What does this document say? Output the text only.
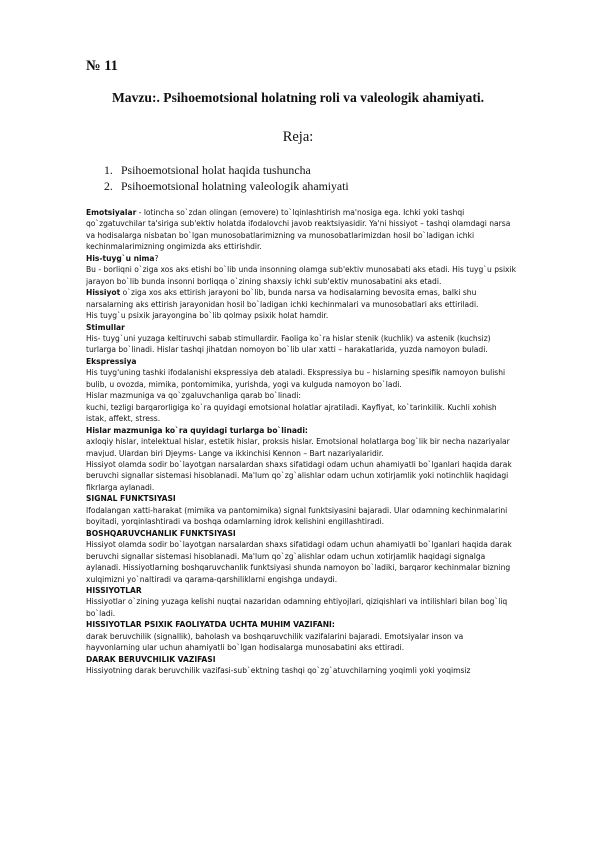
№ 11
Mavzu:. Psihoemotsional holatning roli va valeologik ahamiyati.
Reja:
1. Psihoemotsional holat haqida tushuncha
2. Psihoemotsional holatning valeologik ahamiyati

Emotsiyalar - lotincha so`zdan olingan (emovere) to`lqinlashtirish ma'nosiga ega. Ichki yoki tashqi qo`zgatuvchilar ta'siriga sub'ektiv holatda ifodalovchi javob reaktsiyasidir. Ya'ni hissiyot – tashqi olamdagi narsa va hodisalarga nisbatan bo`lgan munosobatlarimizning va munosobatlarimizdan hosil bo`ladigan ichki kechinmalarimizning ongimizda aks ettirishdir.

His-tuyg`u nima?

Bu - borliqni o`ziga xos aks etishi bo`lib unda insonning olamga sub'ektiv munosabati aks etadi. His tuyg`u psixik jarayon bo`lib bunda insonni borliqqa o`zining shaxsiy ichki sub'ektiv munosabatini aks etadi.

Hissiyot o`ziga xos aks ettirish jarayoni bo`lib, bunda narsa va hodisalarning bevosita emas, balki shu narsalarning aks ettirish jarayonidan hosil bo`ladigan ichki kechinmalari va munosobatlari aks ettiriladi.

His tuyg`u psixik jarayongina bo`lib qolmay psixik holat hamdir.

Stimullar

His- tuyg`uni yuzaga keltiruvchi sabab stimullardir. Faoliga ko`ra hislar stenik (kuchlik) va astenik (kuchsiz) turlarga bo`linadi. Hislar tashqi jihatdan nomoyon bo`lib ular xatti – harakatlarida, yuzda namoyon buladi.

Ekspressiya

His tuyg'uning tashki ifodalanishi ekspressiya deb ataladi. Ekspressiya bu – hislarning spesifik namoyon bulishi bulib, u ovozda, mimika, pontomimika, yurishda, yogi va kulguda namoyon bo`ladi.

Hislar mazmuniga va qo`zgaluvchanliga qarab bo`linadi:

kuchi, tezligi barqarorligiga ko`ra quyidagi emotsional holatlar ajratiladi. Kayfiyat, ko`tarinkilik. Kuchli xohish istak, affekt, stress.

Hislar mazmuniga ko`ra quyidagi turlarga bo`linadi:

axloqiy hislar, intelektual hislar, estetik hislar, proksis hislar. Emotsional holatlarga bog`lik bir necha nazariyalar mavjud. Ulardan biri Djeyms- Lange va ikkinchisi Kennon – Bart nazariyalaridir.

Hissiyot olamda sodir bo`layotgan narsalardan shaxs sifatidagi odam uchun ahamiyatli bo`lganlari haqida darak beruvchi signallar sistemasi hisoblanadi. Ma'lum qo`zg`alishlar odam uchun xotirjamlik yoki notinchlik haqidagi fikrlarga aylanadi.

SIGNAL FUNKTSIYASI

Ifodalangan xatti-harakat (mimika va pantomimika) signal funktsiyasini bajaradi. Ular odamning kechinmalarini boyitadi, yorqinlashtiradi va boshqa odamlarning idrok kelishini engillashtiradi.

BOSHQARUVCHANLIK FUNKTSIYASI

Hissiyot olamda sodir bo`layotgan narsalardan shaxs sifatidagi odam uchun ahamiyatli bo`lganlari haqida darak beruvchi signallar sistemasi hisoblanadi. Ma'lum qo`zg`alishlar odam uchun xotirjamlik haqidagi signalga aylanadi. Hissiyotlarning boshqaruvchanlik funktsiyasi shunda namoyon bo`ladiki, barqaror kechinmalar bizning xulqimizni yo`naltiradi va qarama-qarshiliklarni engishga undaydi.

HISSIYOTLAR

Hissiyotlar o`zining yuzaga kelishi nuqtai nazaridan odamning ehtiyojlari, qiziqishlari va intilishlari bilan bog`liq bo`ladi.

HISSIYOTLAR PSIXIK FAOLIYATDA UCHTA MUHIM VAZIFANI:

darak beruvchilik (signallik), baholash va boshqaruvchilik vazifalarini bajaradi. Emotsiyalar inson va hayvonlarning ular uchun ahamiyatli bo`lgan hodisalarga munosabatini aks ettiradi.

DARAK BERUVCHILIK VAZIFASI

Hissiyotning darak beruvchilik vazifasi-sub`ektning tashqi qo`zg`atuvchilarning yoqimli yoki yoqimsiz
